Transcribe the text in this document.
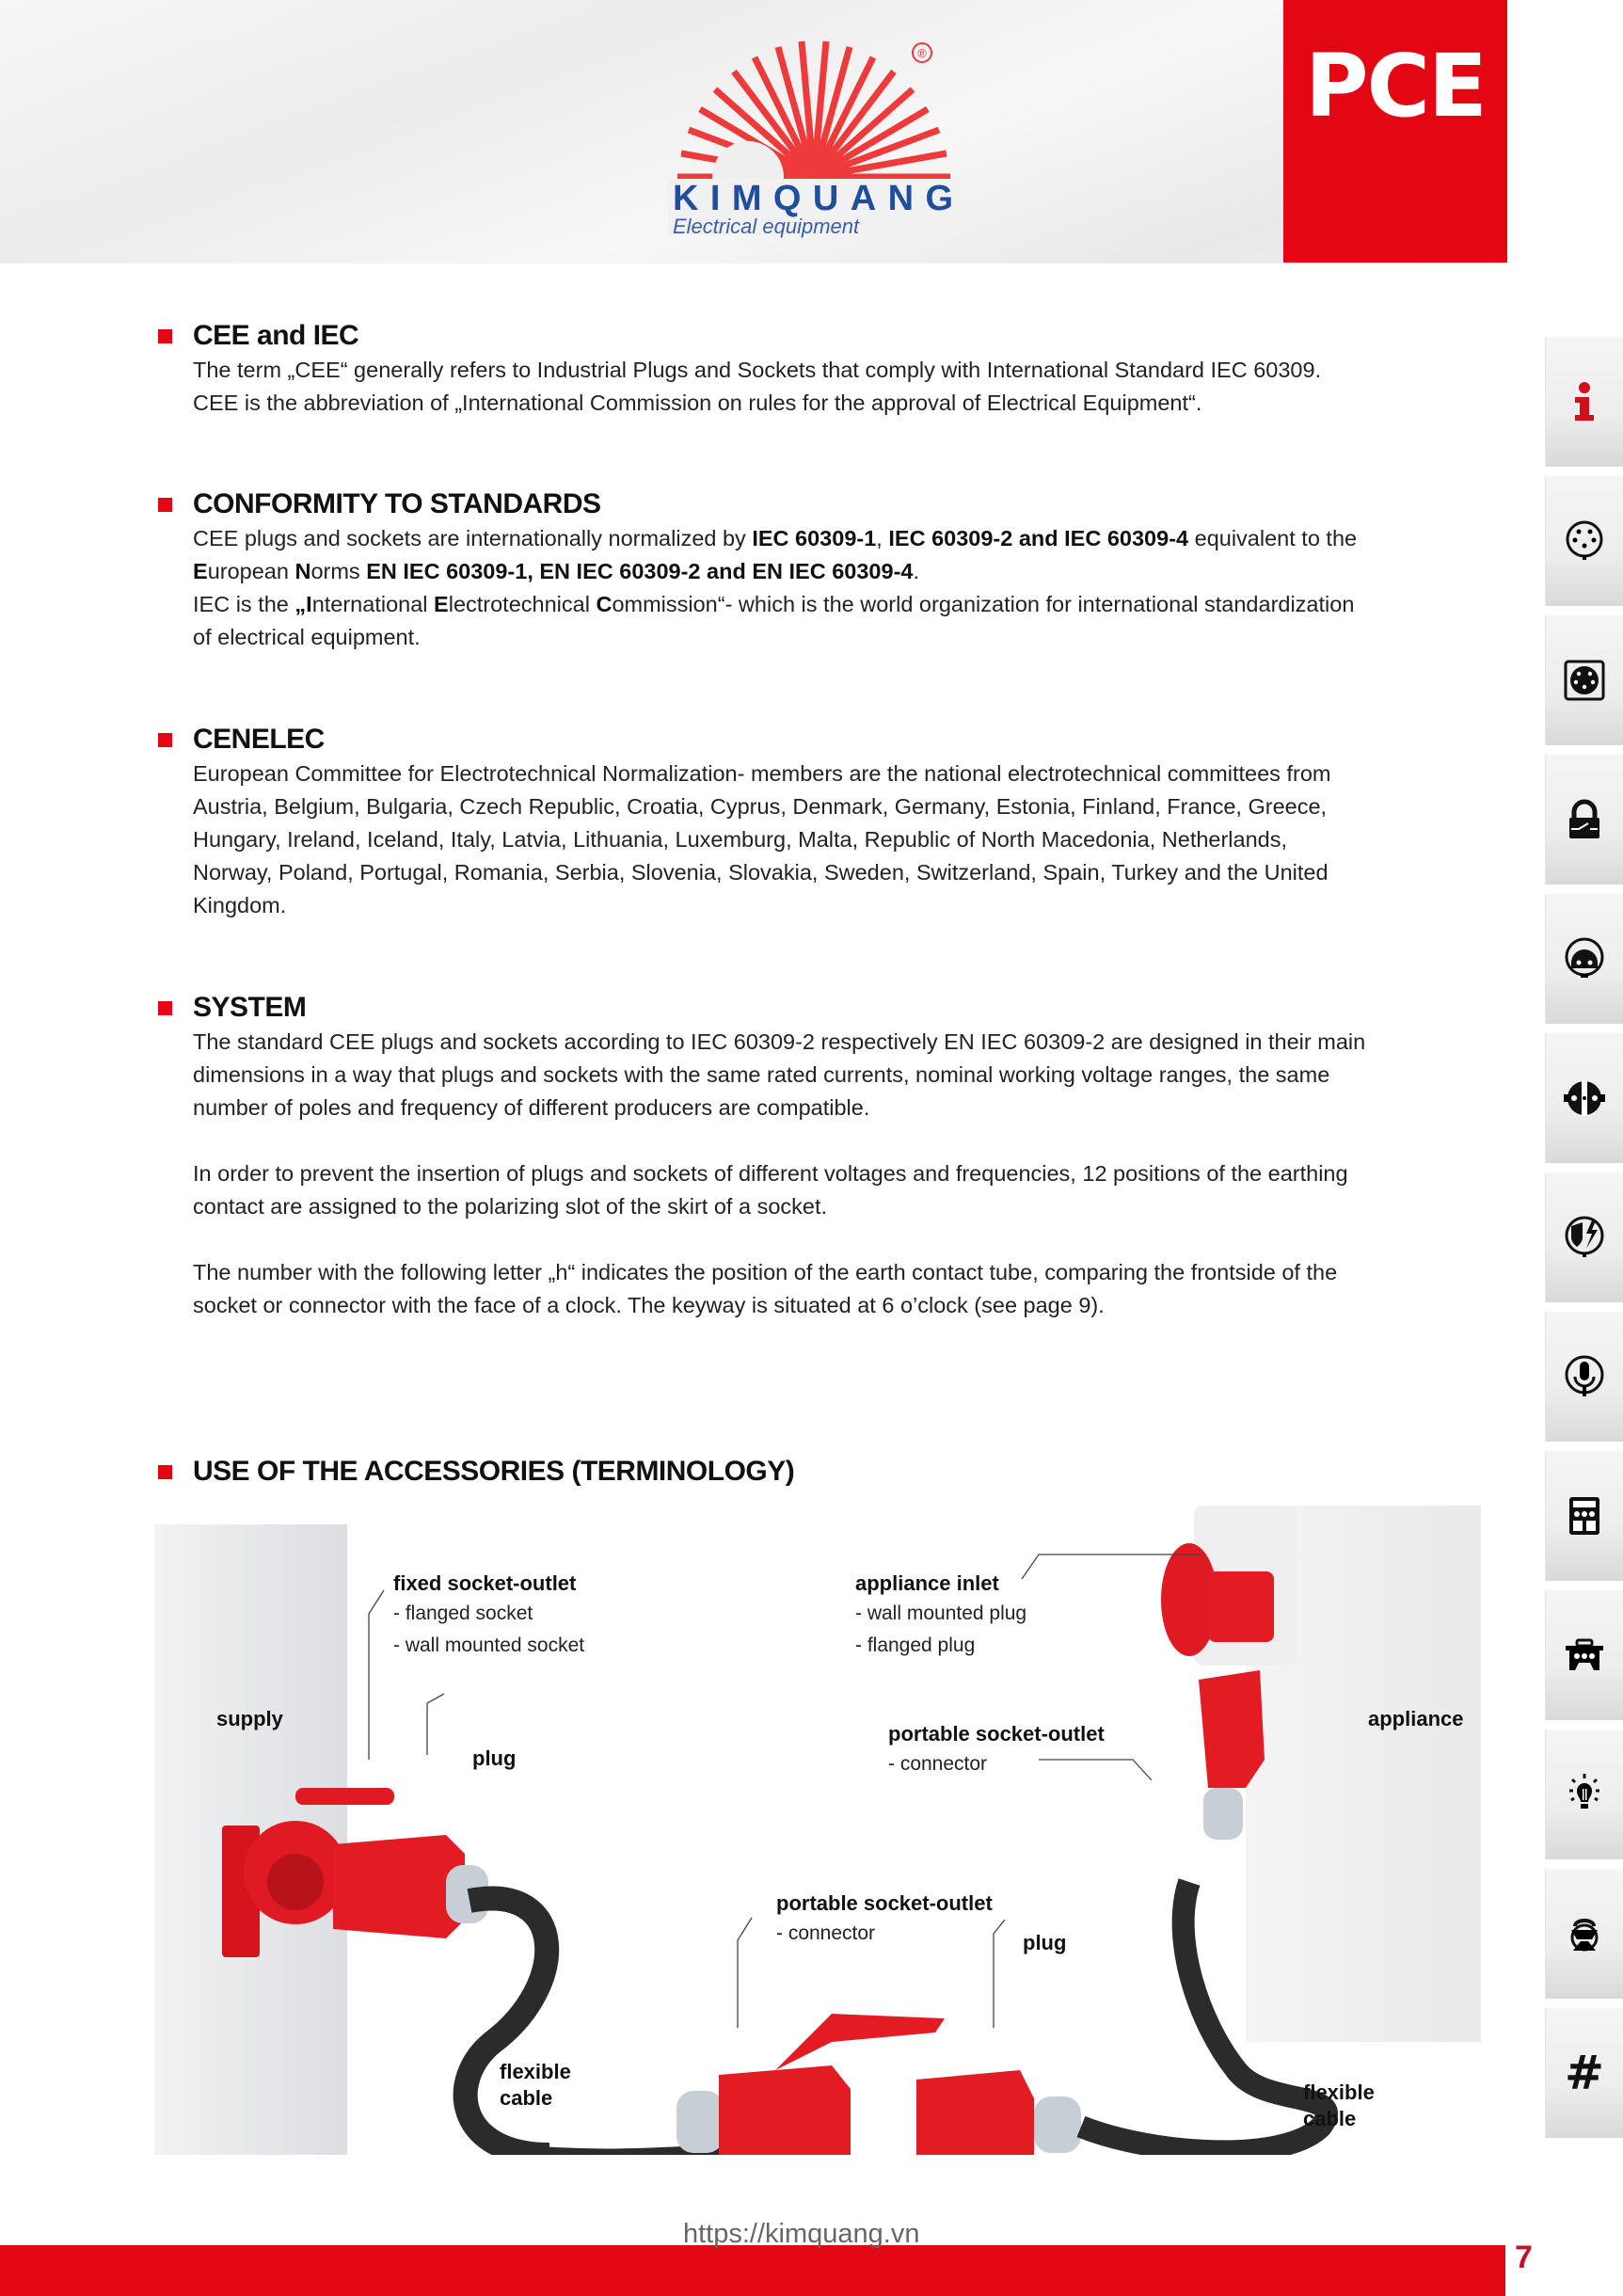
®
KIMQUANG
Electrical equipment
PCE
CEE and IEC

The term „CEE“ generally refers to Industrial Plugs and Sockets that comply with International Standard IEC 60309. CEE is the abbreviation of „International Commission on rules for the approval of Electrical Equipment“.

CONFORMITY TO STANDARDS

CEE plugs and sockets are internationally normalized by IEC 60309-1, IEC 60309-2 and IEC 60309-4 equivalent to the European Norms EN IEC 60309-1, EN IEC 60309-2 and EN IEC 60309-4.

IEC is the „International Electrotechnical Commission“- which is the world organization for international standardization of electrical equipment.

CENELEC

European Committee for Electrotechnical Normalization- members are the national electrotechnical committees from Austria, Belgium, Bulgaria, Czech Republic, Croatia, Cyprus, Denmark, Germany, Estonia, Finland, France, Greece, Hungary, Ireland, Iceland, Italy, Latvia, Lithuania, Luxemburg, Malta, Republic of North Macedonia, Netherlands, Norway, Poland, Portugal, Romania, Serbia, Slovenia, Slovakia, Sweden, Switzerland, Spain, Turkey and the United Kingdom.

SYSTEM

The standard CEE plugs and sockets according to IEC 60309-2 respectively EN IEC 60309-2 are designed in their main dimensions in a way that plugs and sockets with the same rated currents, nominal working voltage ranges, the same number of poles and frequency of different producers are compatible.

In order to prevent the insertion of plugs and sockets of different voltages and frequencies, 12 positions of the earthing contact are assigned to the polarizing slot of the skirt of a socket.

The number with the following letter „h“ indicates the position of the earth contact tube, comparing the frontside of the socket or connector with the face of a clock. The keyway is situated at 6 o’clock (see page 9).

USE OF THE ACCESSORIES (TERMINOLOGY)
supply	appliance
fixed socket-outlet
- flanged socket
- wall mounted socket
appliance inlet
- wall mounted plug
- flanged plug
plug
portable socket-outlet
- connector
portable socket-outlet
- connector	plug
flexible
cable	flexible
cable
#
https://kimquang.vn
7
